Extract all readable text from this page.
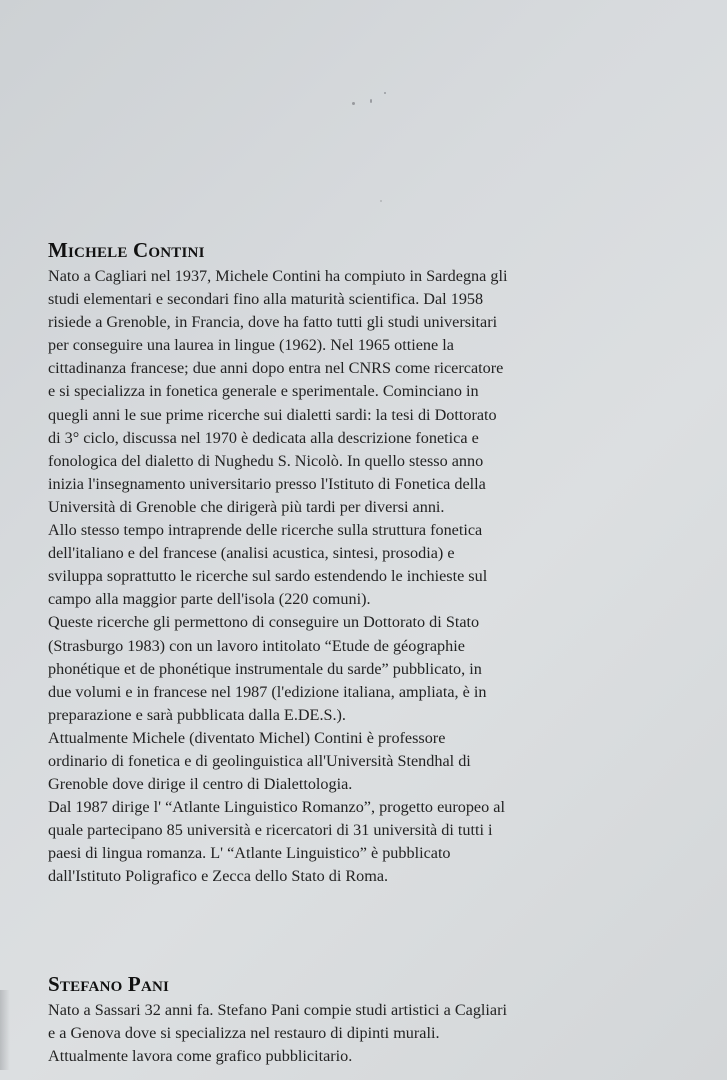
Michele Contini

Nato a Cagliari nel 1937, Michele Contini ha compiuto in Sardegna gli studi elementari e secondari fino alla maturità scientifica. Dal 1958 risiede a Grenoble, in Francia, dove ha fatto tutti gli studi universitari per conseguire una laurea in lingue (1962). Nel 1965 ottiene la cittadinanza francese; due anni dopo entra nel CNRS come ricercatore e si specializza in fonetica generale e sperimentale. Cominciano in quegli anni le sue prime ricerche sui dialetti sardi: la tesi di Dottorato di 3° ciclo, discussa nel 1970 è dedicata alla descrizione fonetica e fonologica del dialetto di Nughedu S. Nicolò. In quello stesso anno inizia l'insegnamento universitario presso l'Istituto di Fonetica della Università di Grenoble che dirigerà più tardi per diversi anni.

Allo stesso tempo intraprende delle ricerche sulla struttura fonetica dell'italiano e del francese (analisi acustica, sintesi, prosodia) e sviluppa soprattutto le ricerche sul sardo estendendo le inchieste sul campo alla maggior parte dell'isola (220 comuni).

Queste ricerche gli permettono di conseguire un Dottorato di Stato (Strasburgo 1983) con un lavoro intitolato “Etude de géographie phonétique et de phonétique instrumentale du sarde” pubblicato, in due volumi e in francese nel 1987 (l'edizione italiana, ampliata, è in preparazione e sarà pubblicata dalla E.DE.S.).

Attualmente Michele (diventato Michel) Contini è professore ordinario di fonetica e di geolinguistica all'Università Stendhal di Grenoble dove dirige il centro di Dialettologia.

Dal 1987 dirige l' “Atlante Linguistico Romanzo”, progetto europeo al quale partecipano 85 università e ricercatori di 31 università di tutti i paesi di lingua romanza. L' “Atlante Linguistico” è pubblicato dall'Istituto Poligrafico e Zecca dello Stato di Roma.

Stefano Pani

Nato a Sassari 32 anni fa. Stefano Pani compie studi artistici a Cagliari e a Genova dove si specializza nel restauro di dipinti murali. Attualmente lavora come grafico pubblicitario.
